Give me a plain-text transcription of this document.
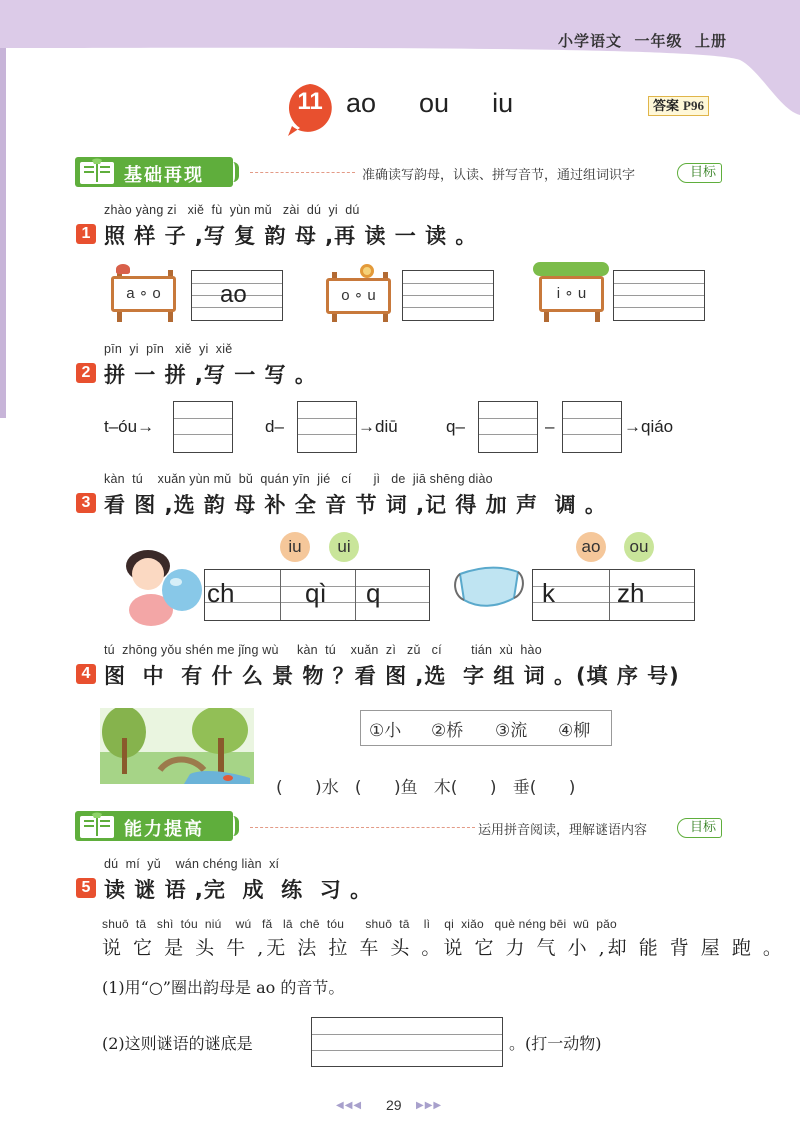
小学语文 一年级 上册
11 ao  ou  iu	答案 P96
基础再现	准确读写韵母，认读、拼写音节，通过组词识字	目标
zhào yàng zi   xiě  fù  yùn mǔ   zài  dú  yi  dú
1 照 样 子 ,写 复 韵 母 ,再 读 一 读 。
a ∘ o	ao	o ∘ u	i ∘ u
pīn  yi  pīn   xiě  yi  xiě
2 拼 一 拼 ,写 一 写 。
t–óu→	d–	→diū	q–	–	→qiáo
kàn  tú    xuǎn yùn mǔ  bǔ  quán yīn  jié   cí      jì   de  jiā shēng diào
3 看 图 ,选 韵 母 补 全 音 节 词 ,记 得 加 声  调 。
iu	ui
ch	qì q
ao	ou
k zh
tú  zhōng yǒu shén me jǐng wù     kàn  tú    xuǎn  zì   zǔ   cí        tián  xù  hào
4 图  中  有 什 么 景 物 ？看 图 ,选  字 组 词 。(填 序 号)
①小 ②桥 ③流 ④柳
(      )水   (      )鱼   木(      )   垂(      )
能力提高	运用拼音阅读，理解谜语内容	目标
dú  mí  yǔ    wán chéng liàn  xí
5 读 谜 语 ,完  成  练  习 。
shuō  tā   shì  tóu  niú    wú   fǎ   lā  chē  tóu      shuō  tā    lì    qi  xiǎo   què néng bēi  wū  pǎo
说 它 是 头 牛 ,无 法 拉 车 头 。说 它 力 气 小 ,却 能 背 屋 跑 。
(1)用“○”圈出韵母是 ao 的音节。
(2)这则谜语的谜底是	。(打一动物)
◀◀◀ 29 ▶▶▶
